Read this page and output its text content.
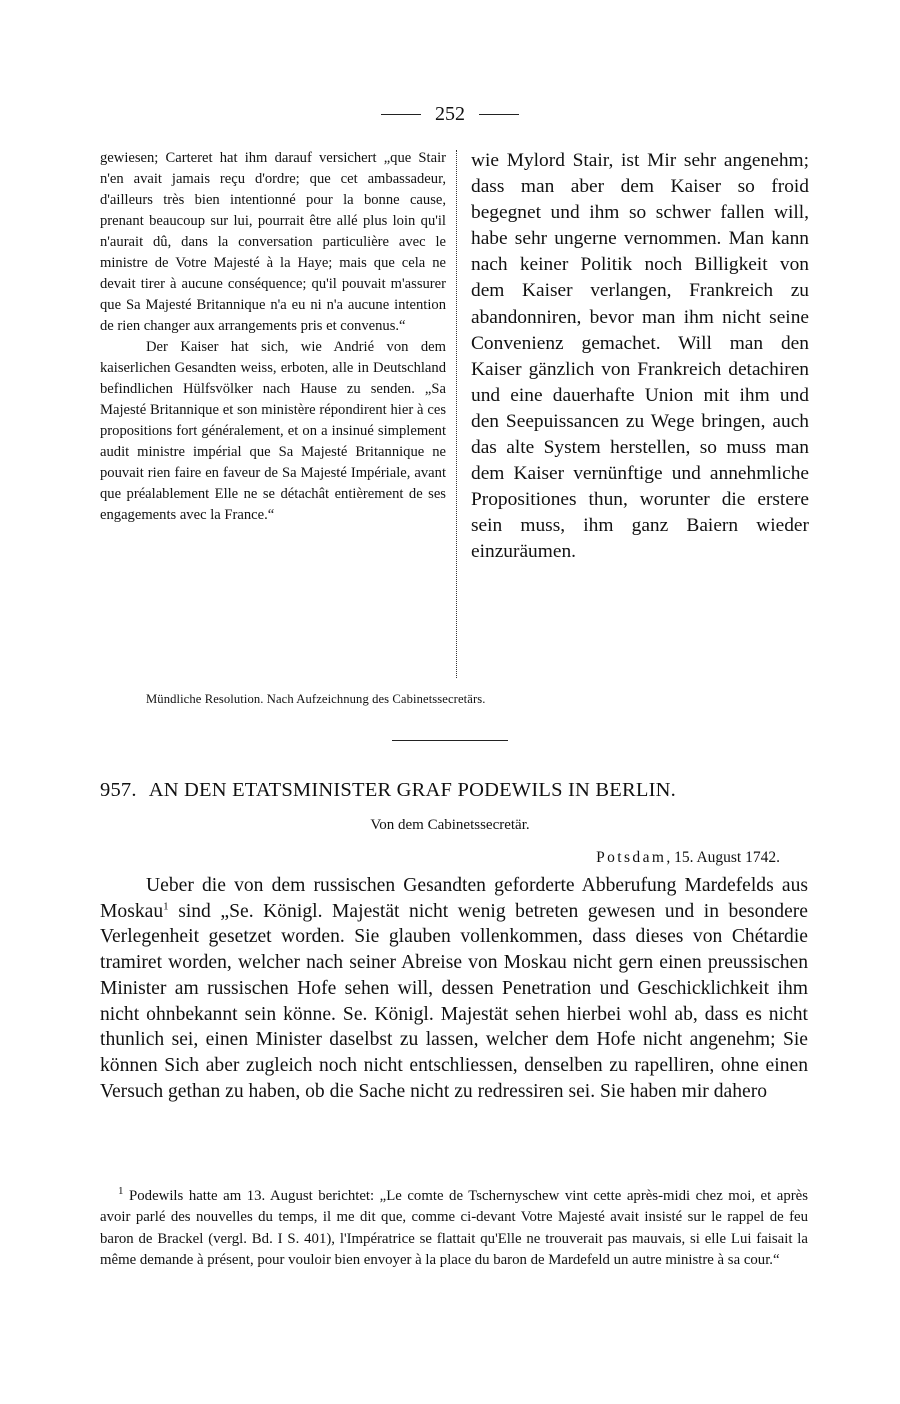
252

gewiesen; Carteret hat ihm darauf versichert „que Stair n'en avait jamais reçu d'ordre; que cet ambassadeur, d'ailleurs très bien intentionné pour la bonne cause, prenant beaucoup sur lui, pourrait être allé plus loin qu'il n'aurait dû, dans la conversation particulière avec le ministre de Votre Majesté à la Haye; mais que cela ne devait tirer à aucune conséquence; qu'il pouvait m'assurer que Sa Majesté Britannique n'a eu ni n'a aucune intention de rien changer aux arrangements pris et convenus.“

Der Kaiser hat sich, wie Andrié von dem kaiserlichen Gesandten weiss, erboten, alle in Deutschland befindlichen Hülfsvölker nach Hause zu senden. „Sa Majesté Britannique et son ministère répondirent hier à ces propositions fort généralement, et on a insinué simplement audit ministre impérial que Sa Majesté Britannique ne pouvait rien faire en faveur de Sa Majesté Impériale, avant que préalablement Elle ne se détachât entièrement de ses engagements avec la France.“

wie Mylord Stair, ist Mir sehr angenehm; dass man aber dem Kaiser so froid begegnet und ihm so schwer fallen will, habe sehr ungerne vernommen. Man kann nach keiner Politik noch Billigkeit von dem Kaiser verlangen, Frankreich zu abandonniren, bevor man ihm nicht seine Convenienz gemachet. Will man den Kaiser gänzlich von Frankreich detachiren und eine dauerhafte Union mit ihm und den Seepuissancen zu Wege bringen, auch das alte System herstellen, so muss man dem Kaiser vernünftige und annehmliche Propositiones thun, worunter die erstere sein muss, ihm ganz Baiern wieder einzuräumen.

Mündliche Resolution. Nach Aufzeichnung des Cabinetssecretärs.
957. AN DEN ETATSMINISTER GRAF PODEWILS IN BERLIN.
Von dem Cabinetssecretär.
Potsdam, 15. August 1742.

Ueber die von dem russischen Gesandten geforderte Abberufung Mardefelds aus Moskau$^1$ sind „Se. Königl. Majestät nicht wenig betreten gewesen und in besondere Verlegenheit gesetzet worden. Sie glauben vollenkommen, dass dieses von Chétardie tramiret worden, welcher nach seiner Abreise von Moskau nicht gern einen preussischen Minister am russischen Hofe sehen will, dessen Penetration und Geschicklichkeit ihm nicht ohnbekannt sein könne. Se. Königl. Majestät sehen hierbei wohl ab, dass es nicht thunlich sei, einen Minister daselbst zu lassen, welcher dem Hofe nicht angenehm; Sie können Sich aber zugleich noch nicht entschliessen, denselben zu rapelliren, ohne einen Versuch gethan zu haben, ob die Sache nicht zu redressiren sei. Sie haben mir dahero

$^1$ Podewils hatte am 13. August berichtet: „Le comte de Tschernyschew vint cette après-midi chez moi, et après avoir parlé des nouvelles du temps, il me dit que, comme ci-devant Votre Majesté avait insisté sur le rappel de feu baron de Brackel (vergl. Bd. I S. 401), l'Impératrice se flattait qu'Elle ne trouverait pas mauvais, si elle Lui faisait la même demande à présent, pour vouloir bien envoyer à la place du baron de Mardefeld un autre ministre à sa cour.“
